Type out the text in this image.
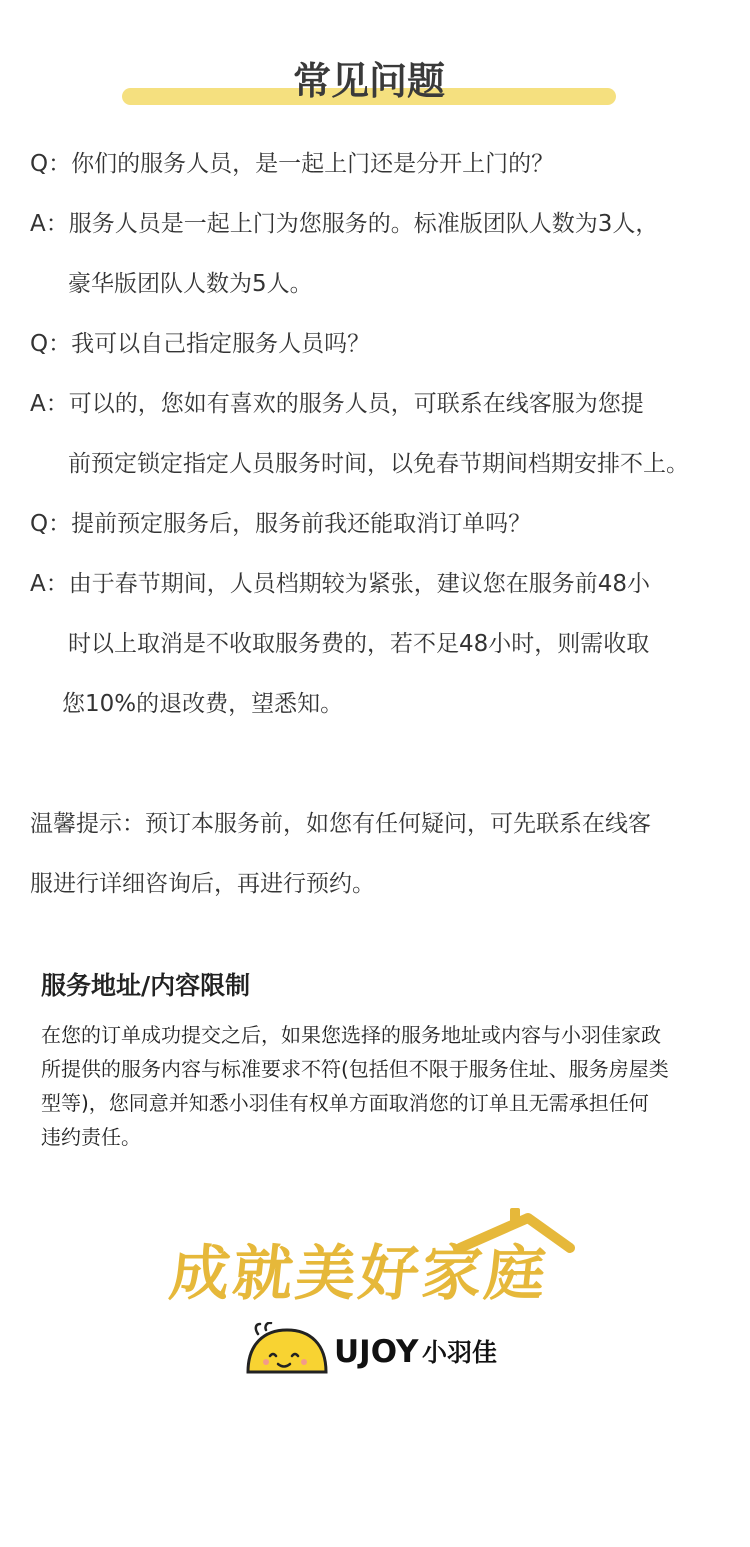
常见问题
Q：你们的服务人员，是一起上门还是分开上门的？
A：服务人员是一起上门为您服务的。标准版团队人数为3人，
豪华版团队人数为5人。
Q：我可以自己指定服务人员吗？
A：可以的，您如有喜欢的服务人员，可联系在线客服为您提
前预定锁定指定人员服务时间，以免春节期间档期安排不上。
Q：提前预定服务后，服务前我还能取消订单吗？
A：由于春节期间，人员档期较为紧张，建议您在服务前48小
时以上取消是不收取服务费的，若不足48小时，则需收取
您10%的退改费，望悉知。
温馨提示：预订本服务前，如您有任何疑问，可先联系在线客
服进行详细咨询后，再进行预约。
服务地址/内容限制
在您的订单成功提交之后，如果您选择的服务地址或内容与小羽佳家政
所提供的服务内容与标准要求不符(包括但不限于服务住址、服务房屋类
型等)，您同意并知悉小羽佳有权单方面取消您的订单且无需承担任何
违约责任。
成就美好家庭
UJOY 小羽佳
